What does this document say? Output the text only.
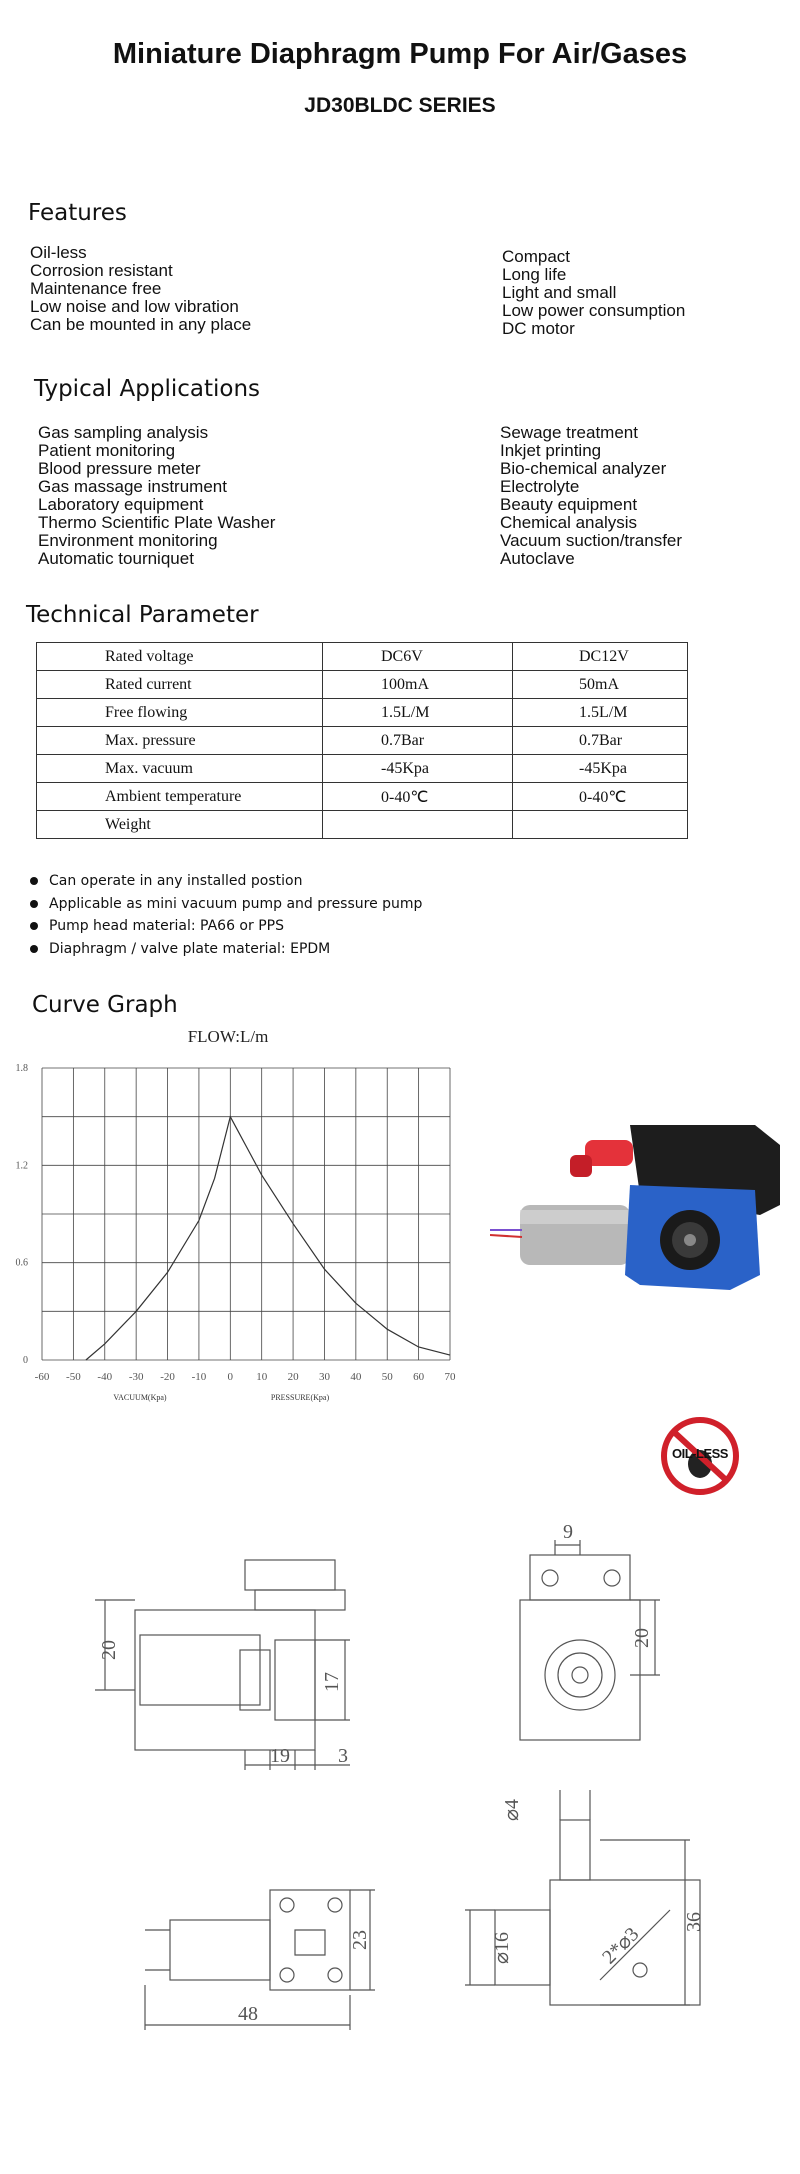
Miniature Diaphragm Pump For Air/Gases
JD30BLDC SERIES
Features
Oil-less
Corrosion resistant
Maintenance free
Low noise and low vibration
Can be mounted in any place
Compact
Long life
Light and small
Low power consumption
DC motor
Typical Applications
Gas sampling analysis
Patient monitoring
Blood pressure meter
Gas massage instrument
Laboratory equipment
Thermo Scientific Plate Washer
Environment monitoring
Automatic tourniquet
Sewage treatment
Inkjet printing
Bio-chemical analyzer
Electrolyte
Beauty equipment
Chemical analysis
Vacuum suction/transfer
Autoclave
Technical Parameter
Rated voltage	DC6V	DC12V
Rated current	100mA	50mA
Free flowing	1.5L/M	1.5L/M
Max. pressure	0.7Bar	0.7Bar
Max. vacuum	-45Kpa	-45Kpa
Ambient temperature	0-40℃	0-40℃
Weight		
Can operate in any installed postion
Applicable as mini vacuum pump and pressure pump
Pump head material: PA66 or PPS
Diaphragm / valve plate material: EPDM
Curve Graph
FLOW:L/m
0
0.6
1.2
1.8
-60 -50 -40 -30 -20 -10 0 10 20 30 40 50 60 70
VACUUM(Kpa)	PRESSURE(Kpa)
OIL-LESS
20
17
19 3
9
20
23
48
⌀4
⌀16	2*⌀3
36
